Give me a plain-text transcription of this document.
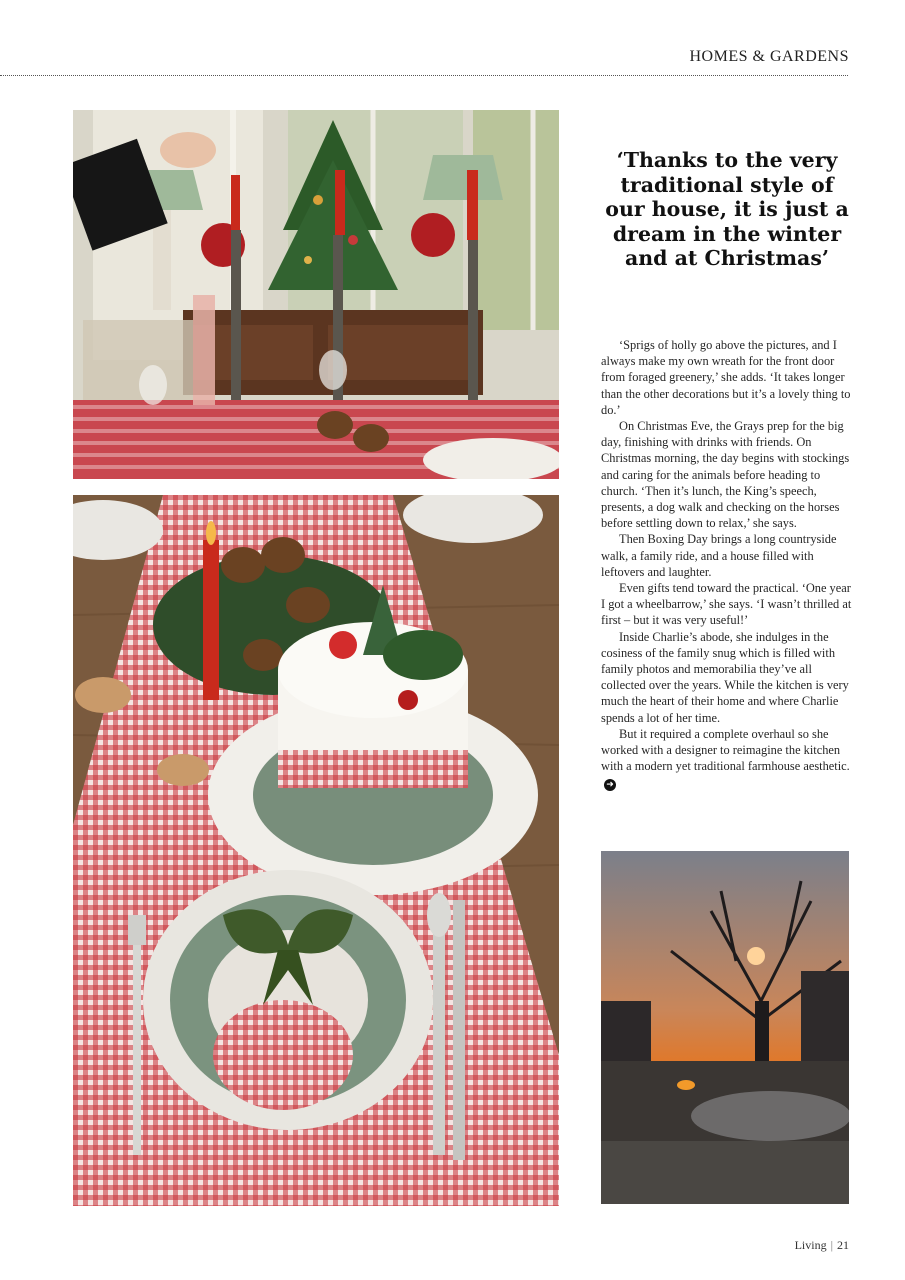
HOMES & GARDENS
‘Thanks to the very traditional style of our house, it is just a dream in the winter and at Christmas’

‘Sprigs of holly go above the pictures, and I always make my own wreath for the front door from foraged greenery,’ she adds. ‘It takes longer than the other decorations but it’s a lovely thing to do.’

On Christmas Eve, the Grays prep for the big day, finishing with drinks with friends. On Christmas morning, the day begins with stockings and caring for the animals before heading to church. ‘Then it’s lunch, the King’s speech, presents, a dog walk and checking on the horses before settling down to relax,’ she says.

Then Boxing Day brings a long countryside walk, a family ride, and a house filled with leftovers and laughter.

Even gifts tend toward the practical. ‘One year I got a wheelbarrow,’ she says. ‘I wasn’t thrilled at first – but it was very useful!’

Inside Charlie’s abode, she indulges in the cosiness of the family snug which is filled with family photos and memorabilia they’ve all collected over the years. While the kitchen is very much the heart of their home and where Charlie spends a lot of her time.

But it required a complete overhaul so she worked with a designer to reimagine the kitchen with a modern yet traditional farmhouse aesthetic.➜

Living | 21
